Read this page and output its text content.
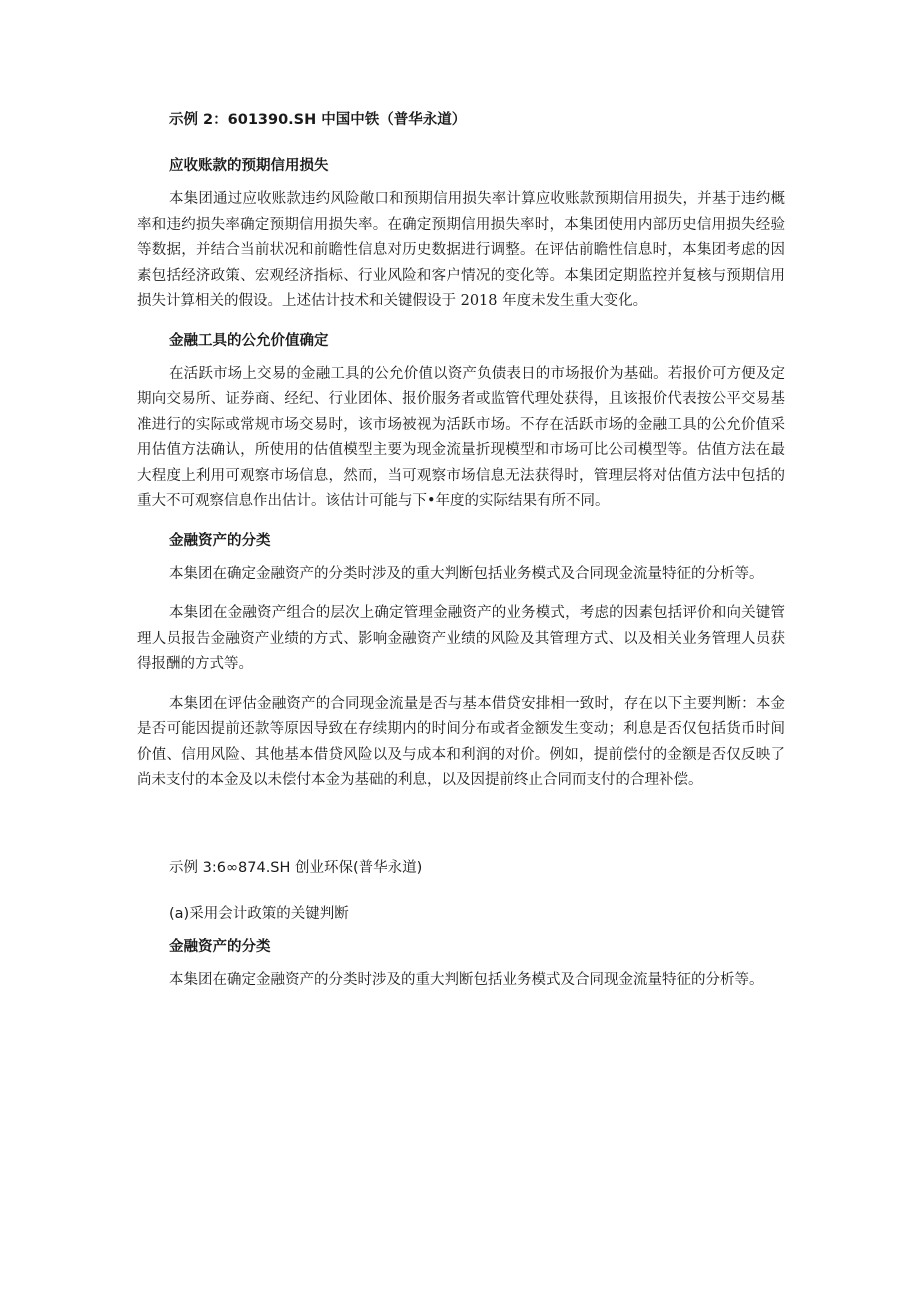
示例 2：601390.SH 中国中铁（普华永道）

应收账款的预期信用损失

本集团通过应收账款违约风险敞口和预期信用损失率计算应收账款预期信用损失，并基于违约概率和违约损失率确定预期信用损失率。在确定预期信用损失率时，本集团使用内部历史信用损失经验等数据，并结合当前状况和前瞻性信息对历史数据进行调整。在评估前瞻性信息时，本集团考虑的因素包括经济政策、宏观经济指标、行业风险和客户情况的变化等。本集团定期监控并复核与预期信用损失计算相关的假设。上述估计技术和关键假设于 2018 年度未发生重大变化。

金融工具的公允价值确定

在活跃市场上交易的金融工具的公允价值以资产负债表日的市场报价为基础。若报价可方便及定期向交易所、证券商、经纪、行业团体、报价服务者或监管代理处获得，且该报价代表按公平交易基准进行的实际或常规市场交易时，该市场被视为活跃市场。不存在活跃市场的金融工具的公允价值采用估值方法确认，所使用的估值模型主要为现金流量折现模型和市场可比公司模型等。估值方法在最大程度上利用可观察市场信息，然而，当可观察市场信息无法获得时，管理层将对估值方法中包括的重大不可观察信息作出估计。该估计可能与下•年度的实际结果有所不同。

金融资产的分类

本集团在确定金融资产的分类时涉及的重大判断包括业务模式及合同现金流量特征的分析等。

本集团在金融资产组合的层次上确定管理金融资产的业务模式，考虑的因素包括评价和向关键管理人员报告金融资产业绩的方式、影响金融资产业绩的风险及其管理方式、以及相关业务管理人员获得报酬的方式等。

本集团在评估金融资产的合同现金流量是否与基本借贷安排相一致时，存在以下主要判断：本金是否可能因提前还款等原因导致在存续期内的时间分布或者金额发生变动；利息是否仅包括货币时间价值、信用风险、其他基本借贷风险以及与成本和利润的对价。例如，提前偿付的金额是否仅反映了尚未支付的本金及以未偿付本金为基础的利息，以及因提前终止合同而支付的合理补偿。

示例 3:6∞874.SH 创业环保(普华永道)

(a)采用会计政策的关键判断

金融资产的分类

本集团在确定金融资产的分类时涉及的重大判断包括业务模式及合同现金流量特征的分析等。
